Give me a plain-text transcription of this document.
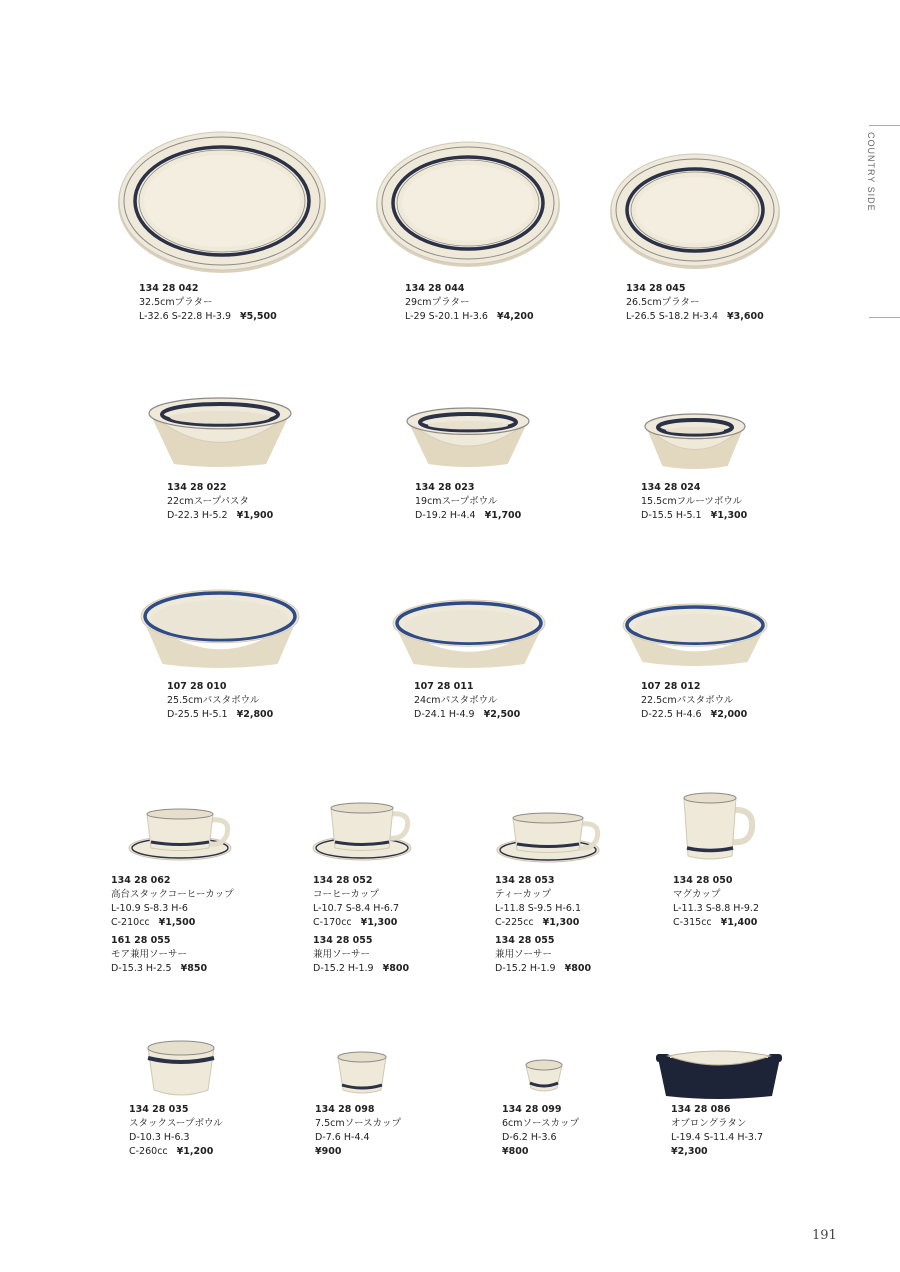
COUNTRY SIDE
134 28 042
32.5cmプラター
L-32.6 S-22.8 H-3.9 ¥5,500
134 28 044
29cmプラター
L-29 S-20.1 H-3.6 ¥4,200
134 28 045
26.5cmプラター
L-26.5 S-18.2 H-3.4 ¥3,600
134 28 022
22cmスープパスタ
D-22.3 H-5.2 ¥1,900
134 28 023
19cmスープボウル
D-19.2 H-4.4 ¥1,700
134 28 024
15.5cmフルーツボウル
D-15.5 H-5.1 ¥1,300
107 28 010
25.5cmパスタボウル
D-25.5 H-5.1 ¥2,800
107 28 011
24cmパスタボウル
D-24.1 H-4.9 ¥2,500
107 28 012
22.5cmパスタボウル
D-22.5 H-4.6 ¥2,000
134 28 062
高台スタックコーヒーカップ
L-10.9 S-8.3 H-6
C-210cc ¥1,500
161 28 055
モア兼用ソーサー
D-15.3 H-2.5 ¥850
134 28 052
コーヒーカップ
L-10.7 S-8.4 H-6.7
C-170cc ¥1,300
134 28 055
兼用ソーサー
D-15.2 H-1.9 ¥800
134 28 053
ティーカップ
L-11.8 S-9.5 H-6.1
C-225cc ¥1,300
134 28 055
兼用ソーサー
D-15.2 H-1.9 ¥800
134 28 050
マグカップ
L-11.3 S-8.8 H-9.2
C-315cc ¥1,400
134 28 035
スタックスープボウル
D-10.3 H-6.3
C-260cc ¥1,200
134 28 098
7.5cmソースカップ
D-7.6 H-4.4
¥900
134 28 099
6cmソースカップ
D-6.2 H-3.6
¥800
134 28 086
オブロングラタン
L-19.4 S-11.4 H-3.7
¥2,300
191
